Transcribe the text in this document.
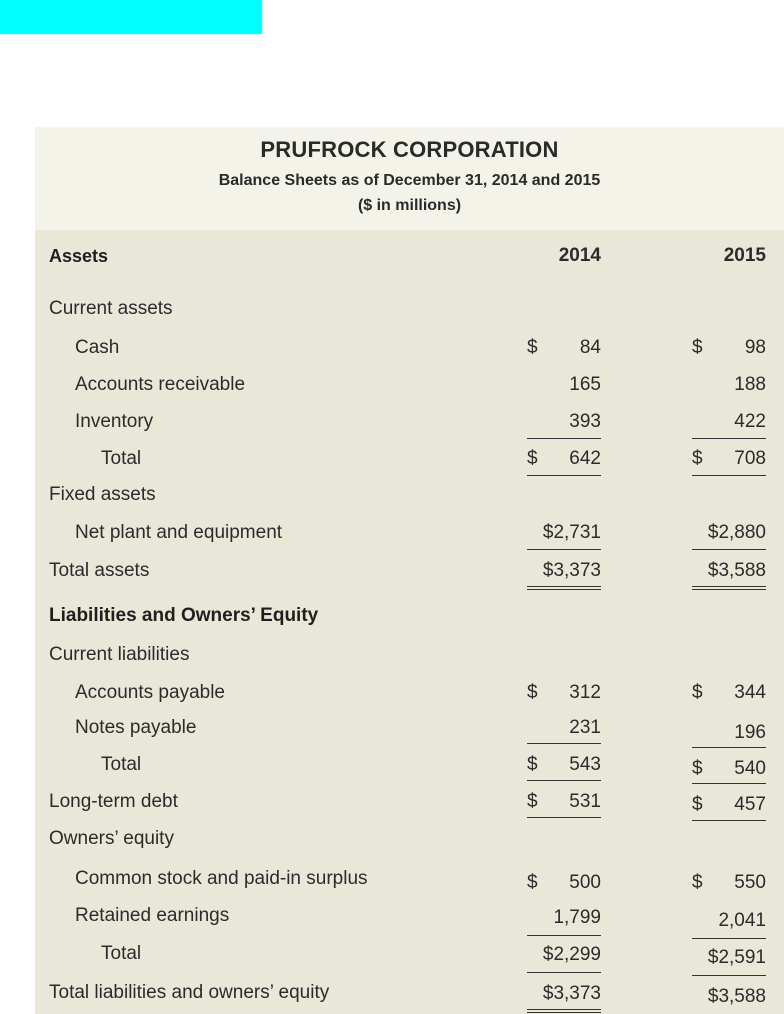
PRUFROCK CORPORATION
Balance Sheets as of December 31, 2014 and 2015
($ in millions)
Assets	2014	2015
Current assets
Cash	$ 84	$ 98
Accounts receivable	165	188
Inventory	393	422
Total	$ 642	$ 708
Fixed assets
Net plant and equipment	$2,731	$2,880
Total assets	$3,373	$3,588
Liabilities and Owners’ Equity
Current liabilities
Accounts payable	$ 312	$ 344
Notes payable	231	196
Total	$ 543	$ 540
Long-term debt	$ 531	$ 457
Owners’ equity
Common stock and paid-in surplus	$ 500	$ 550
Retained earnings	1,799	2,041
Total	$2,299	$2,591
Total liabilities and owners’ equity	$3,373	$3,588
